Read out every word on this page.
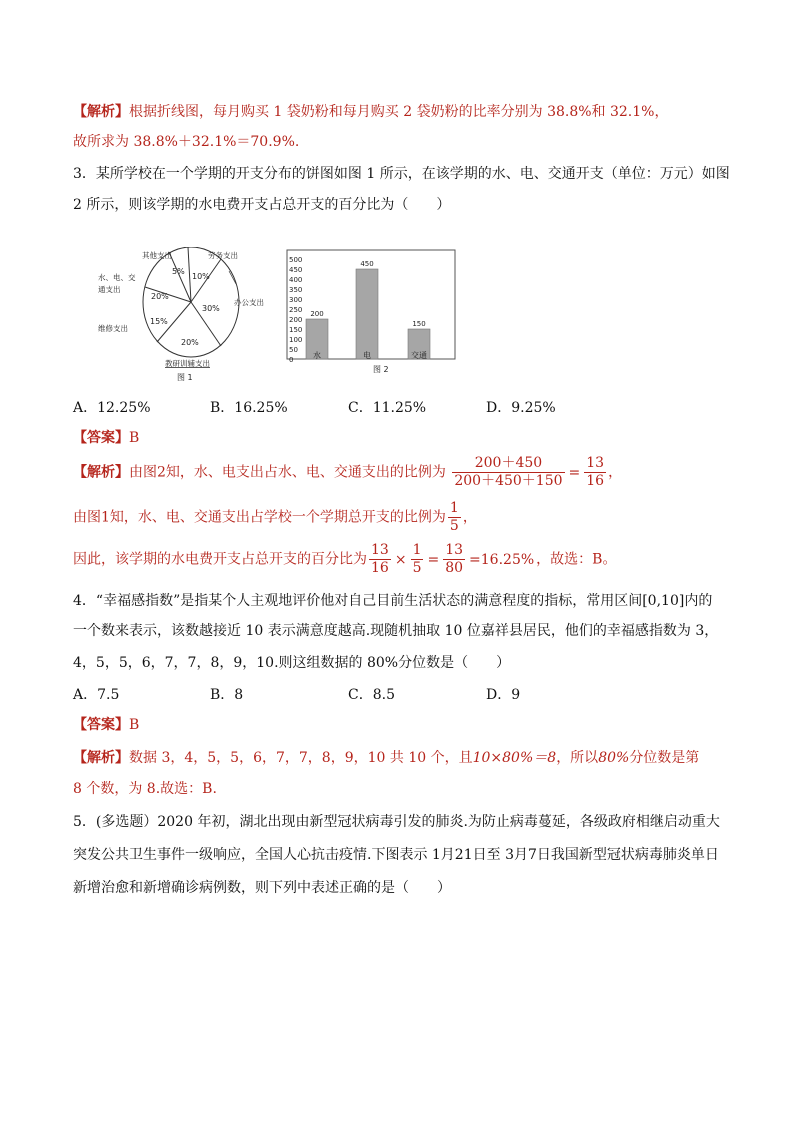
【解析】根据折线图，每月购买 1 袋奶粉和每月购买 2 袋奶粉的比率分别为 38.8%和 32.1%，
故所求为 38.8%＋32.1%＝70.9%.
3．某所学校在一个学期的开支分布的饼图如图 1 所示，在该学期的水、电、交通开支（单位：万元）如图
2 所示，则该学期的水电费开支占总开支的百分比为（　　）
其他支出	劳务支出
水、电、交
通支出
办公支出
维修支出
教研训辅支出
5%
10%
20%
30%
15%
20%
图 1
500
450
400
350
300
250
200
150
100
50
0
200
水
450
电
150
交通
图 2
A．12.25%	B．16.25%	C．11.25%	D．9.25%
【答案】B
【解析】由图2知，水、电支出占水、电、交通支出的比例为 $\frac{200+450}{200+450+150} = \frac{13}{16}$ ，
由图1知，水、电、交通支出占学校一个学期总开支的比例为 $\frac{1}{5}$ ，
因此，该学期的水电费开支占总开支的百分比为 $\frac{13}{16} \times \frac{1}{5} = \frac{13}{80} =16.25\%$ ，故选：B。
4．“幸福感指数”是指某个人主观地评价他对自己目前生活状态的满意程度的指标，常用区间[0,10]内的
一个数来表示，该数越接近 10 表示满意度越高.现随机抽取 10 位嘉祥县居民，他们的幸福感指数为 3，
4，5，5，6，7，7，8，9，10.则这组数据的 80%分位数是（　　）
A．7.5	B．8	C．8.5	D．9
【答案】B
【解析】数据 3，4，5，5，6，7，7，8，9，10 共 10 个，且10×80%＝8，所以80%分位数是第
8 个数，为 8.故选：B.
5．(多选题）2020 年初，湖北出现由新型冠状病毒引发的肺炎.为防止病毒蔓延，各级政府相继启动重大
突发公共卫生事件一级响应，全国人心抗击疫情.下图表示 1月21日至 3月7日我国新型冠状病毒肺炎单日
新增治愈和新增确诊病例数，则下列中表述正确的是（　　）
